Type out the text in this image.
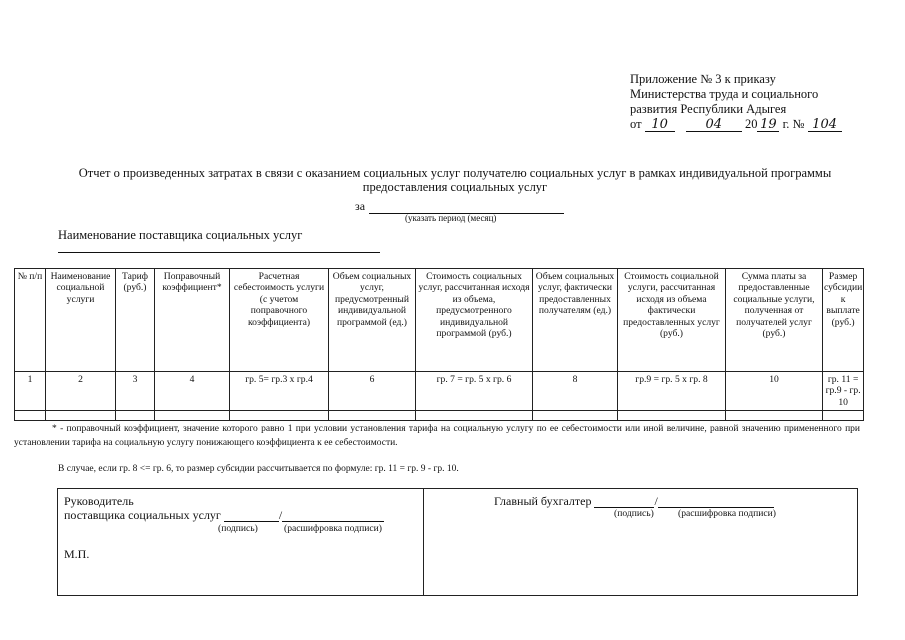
Приложение № 3 к приказу
Министерства труда и социального
развития Республики Адыгея
от 10	04 20 19 г. № 104
Отчет о произведенных затратах в связи с оказанием социальных услуг получателю социальных услуг в рамках индивидуальной программы предоставления социальных услуг
за
(указать период (месяц)
Наименование поставщика социальных услуг
№ п/п	Наименование социальной услуги	Тариф (руб.)	Поправочный коэффициент*	Расчетная себестоимость услуги (с учетом поправочного коэффициента)	Объем социальных услуг, предусмотренный индивидуальной программой (ед.)	Стоимость социальных услуг, рассчитанная исходя из объема, предусмотренного индивидуальной программой (руб.)	Объем социальных услуг, фактически предоставленных получателям (ед.)	Стоимость социальной услуги, рассчитанная исходя из объема фактически предоставленных услуг (руб.)	Сумма платы за предоставленные социальные услуги, полученная от получателей услуг (руб.)	Размер субсидии к выплате (руб.)
1	2	3	4	гр. 5= гр.3 х гр.4	6	гр. 7 = гр. 5 х гр. 6	8	гр.9 = гр. 5 х гр. 8	10	гр. 11 = гр.9 - гр. 10

* - поправочный коэффициент, значение которого равно 1 при условии установления тарифа на социальную услугу по ее себестоимости или иной величине, равной значению примененного при установлении тарифа на социальную услугу понижающего коэффициента к ее себестоимости.
В случае, если гр. 8 <= гр. 6, то размер субсидии рассчитывается по формуле: гр. 11 = гр. 9 - гр. 10.
Руководитель
поставщика социальных услуг	/
(подпись)	(расшифровка подписи)
М.П.
Главный бухгалтер	/
(подпись)	(расшифровка подписи)
